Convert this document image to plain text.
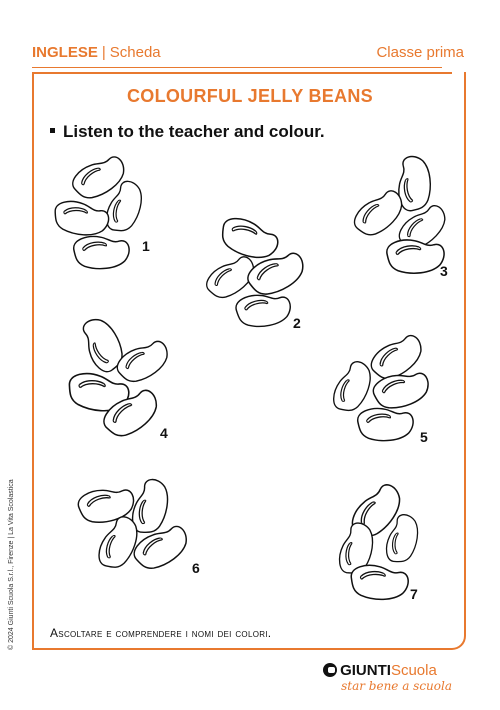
INGLESE | Scheda	Classe prima
COLOURFUL JELLY BEANS
Listen to the teacher and colour.
1
2
3
4	5
6
7
Ascoltare e comprendere i nomi dei colori.
© 2024 Giunti Scuola S.r.l., Firenze | La Vita Scolastica
GIUNTIScuola
star bene a scuola
